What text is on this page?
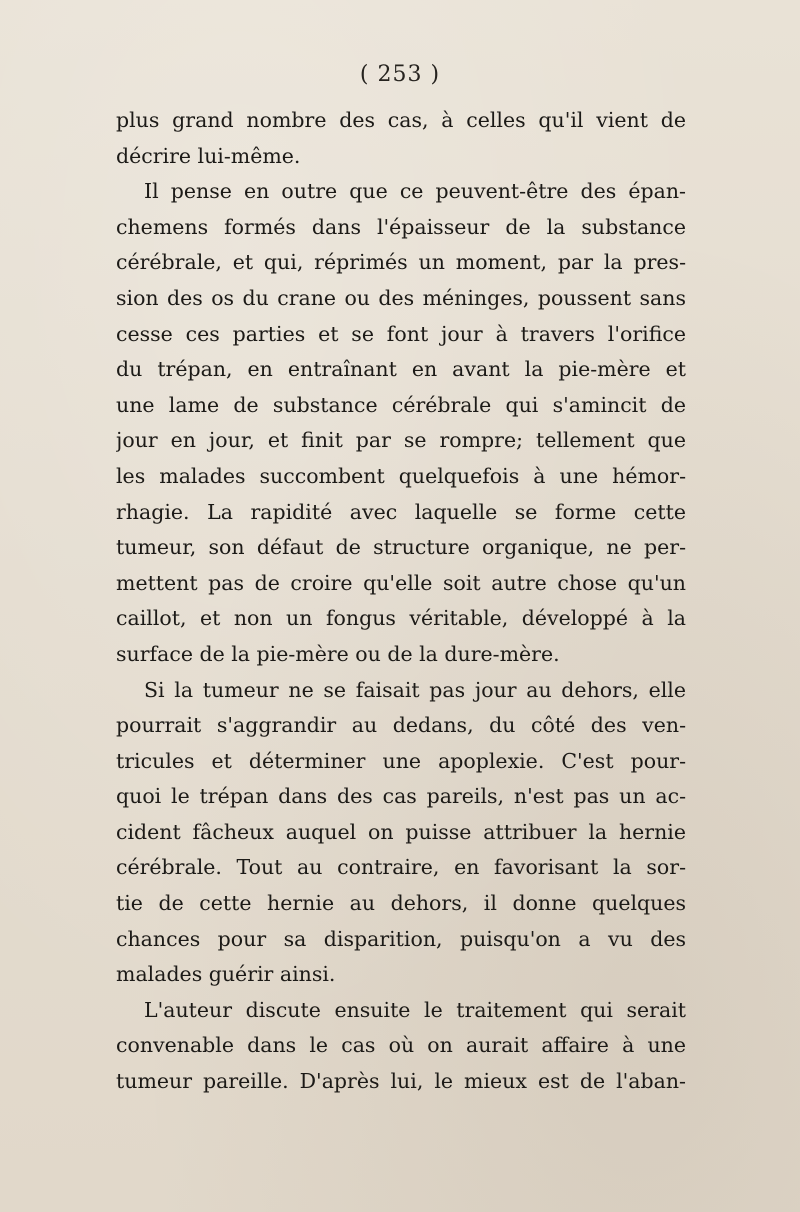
( 253 )
plus grand nombre des cas, à celles qu'il vient de
décrire lui-même.
Il pense en outre que ce peuvent-être des épan-
chemens formés dans l'épaisseur de la substance
cérébrale, et qui, réprimés un moment, par la pres-
sion des os du crane ou des méninges, poussent sans
cesse ces parties et se font jour à travers l'orifice
du trépan, en entraînant en avant la pie-mère et
une lame de substance cérébrale qui s'amincit de
jour en jour, et finit par se rompre; tellement que
les malades succombent quelquefois à une hémor-
rhagie. La rapidité avec laquelle se forme cette
tumeur, son défaut de structure organique, ne per-
mettent pas de croire qu'elle soit autre chose qu'un
caillot, et non un fongus véritable, développé à la
surface de la pie-mère ou de la dure-mère.
Si la tumeur ne se faisait pas jour au dehors, elle
pourrait s'aggrandir au dedans, du côté des ven-
tricules et déterminer une apoplexie. C'est pour-
quoi le trépan dans des cas pareils, n'est pas un ac-
cident fâcheux auquel on puisse attribuer la hernie
cérébrale. Tout au contraire, en favorisant la sor-
tie de cette hernie au dehors, il donne quelques
chances pour sa disparition, puisqu'on a vu des
malades guérir ainsi.
L'auteur discute ensuite le traitement qui serait
convenable dans le cas où on aurait affaire à une
tumeur pareille. D'après lui, le mieux est de l'aban-
